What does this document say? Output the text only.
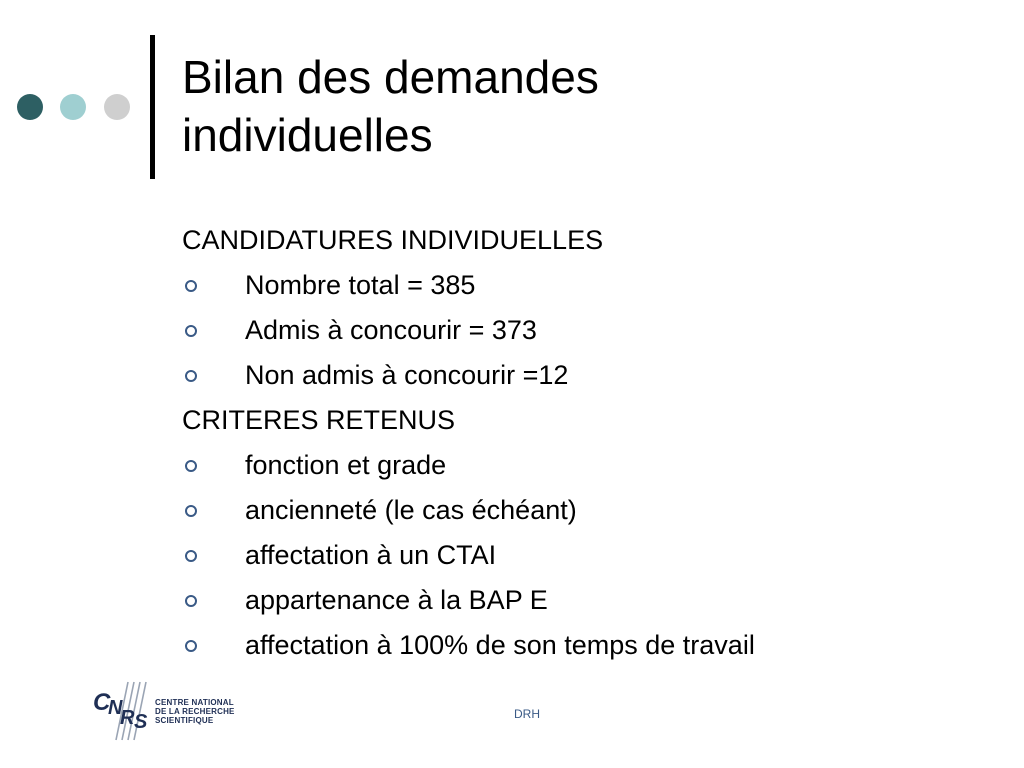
Bilan des demandes
individuelles
CANDIDATURES INDIVIDUELLES
Nombre total = 385
Admis à concourir = 373
Non admis à concourir =12
CRITERES RETENUS
fonction et grade
ancienneté (le cas échéant)
affectation à un CTAI
appartenance à la BAP E
affectation à 100% de son temps de travail
C
N
R S
CENTRE NATIONAL
DE LA RECHERCHE
SCIENTIFIQUE	DRH
